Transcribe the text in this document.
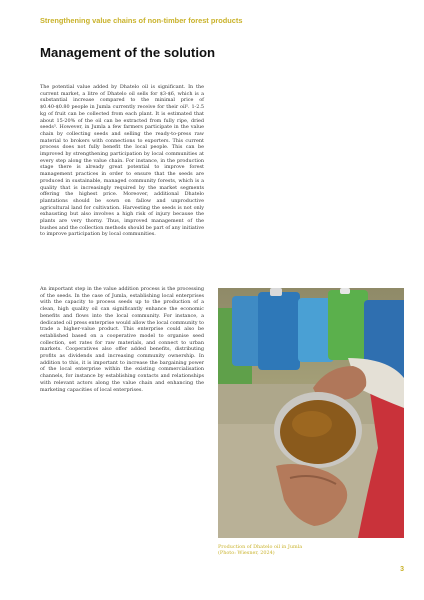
Strengthening value chains of non-timber forest products
Management of the solution

The potential value added by Dhatelo oil is significant. In the current market, a litre of Dhatelo oil sells for $3-$6, which is a substantial increase compared to the minimal price of $0.40-$0.80 people in Jumla currently receive for their oil⁵. 1-2.5 kg of fruit can be collected from each plant. It is estimated that about 15-20% of the oil can be extracted from fully ripe, dried seeds⁵. However, in Jumla a few farmers participate in the value chain by collecting seeds and selling the ready-to-press raw material to brokers with connections to exporters. This current process does not fully benefit the local people. This can be improved by strengthening participation by local communities at every step along the value chain. For instance, in the production stage there is already great potential to improve forest management practices in order to ensure that the seeds are produced in sustainable, managed community forests, which is a quality that is increasingly required by the market segments offering the highest price. Moreover, additional Dhatelo plantations should be sown on fallow and unproductive agricultural land for cultivation. Harvesting the seeds is not only exhausting but also involves a high risk of injury because the plants are very thorny. Thus, improved management of the bushes and the collection methods should be part of any initiative to improve participation by local communities.

An important step in the value addition process is the processing of the seeds. In the case of Jumla, establishing local enterprises with the capacity to process seeds up to the production of a clean, high quality oil can significantly enhance the economic benefits and flows into the local community. For instance, a dedicated oil press enterprise would allow the local community to trade a higher-value product. This enterprise could also be established based on a cooperative model to organise seed collection, set rates for raw materials, and connect to urban markets. Cooperatives also offer added benefits, distributing profits as dividends and increasing community ownership. In addition to this, it is important to increase the bargaining power of the local enterprise within the existing commercialisation channels, for instance by establishing contacts and relationships with relevant actors along the value chain and enhancing the marketing capacities of local enterprises.

Production of Dhatelo oil in Jumla
(Photo: Wiesner, 2024)
3
